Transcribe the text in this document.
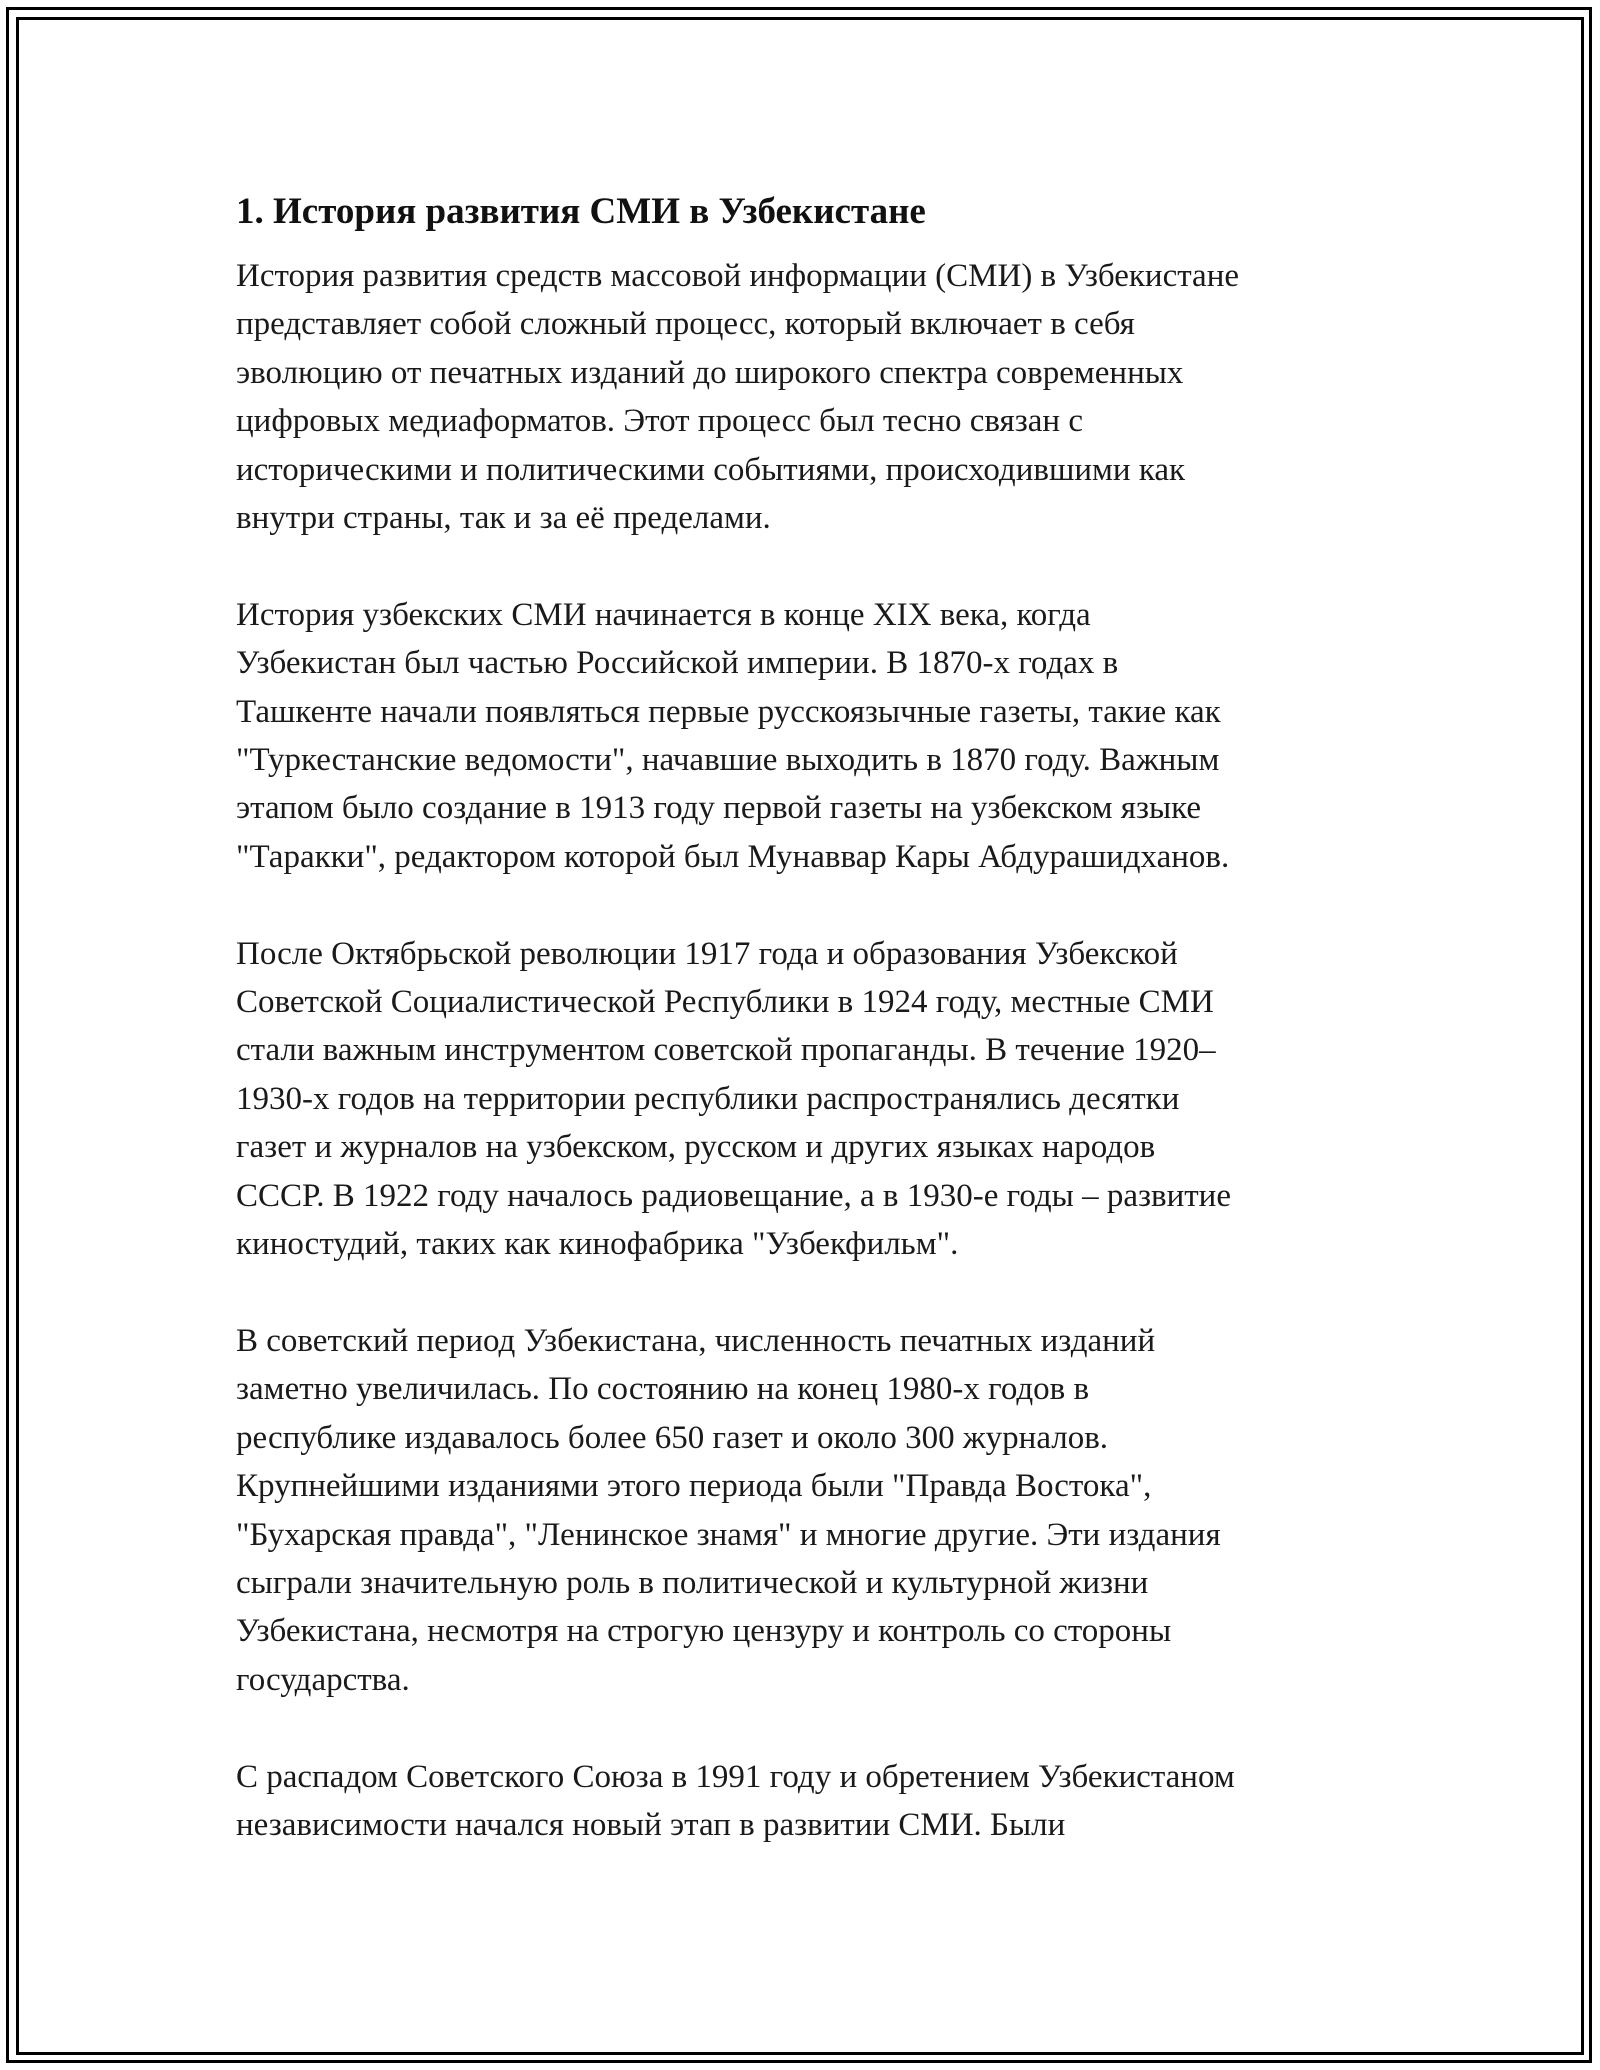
1. История развития СМИ в Узбекистане

История развития средств массовой информации (СМИ) в Узбекистане
представляет собой сложный процесс, который включает в себя
эволюцию от печатных изданий до широкого спектра современных
цифровых медиаформатов. Этот процесс был тесно связан с
историческими и политическими событиями, происходившими как
внутри страны, так и за её пределами.

История узбекских СМИ начинается в конце XIX века, когда
Узбекистан был частью Российской империи. В 1870-х годах в
Ташкенте начали появляться первые русскоязычные газеты, такие как
"Туркестанские ведомости", начавшие выходить в 1870 году. Важным
этапом было создание в 1913 году первой газеты на узбекском языке
"Таракки", редактором которой был Мунаввар Кары Абдурашидханов.

После Октябрьской революции 1917 года и образования Узбекской
Советской Социалистической Республики в 1924 году, местные СМИ
стали важным инструментом советской пропаганды. В течение 1920–
1930-х годов на территории республики распространялись десятки
газет и журналов на узбекском, русском и других языках народов
СССР. В 1922 году началось радиовещание, а в 1930-е годы – развитие
киностудий, таких как кинофабрика "Узбекфильм".

В советский период Узбекистана, численность печатных изданий
заметно увеличилась. По состоянию на конец 1980-х годов в
республике издавалось более 650 газет и около 300 журналов.
Крупнейшими изданиями этого периода были "Правда Востока",
"Бухарская правда", "Ленинское знамя" и многие другие. Эти издания
сыграли значительную роль в политической и культурной жизни
Узбекистана, несмотря на строгую цензуру и контроль со стороны
государства.

С распадом Советского Союза в 1991 году и обретением Узбекистаном
независимости начался новый этап в развитии СМИ. Были
